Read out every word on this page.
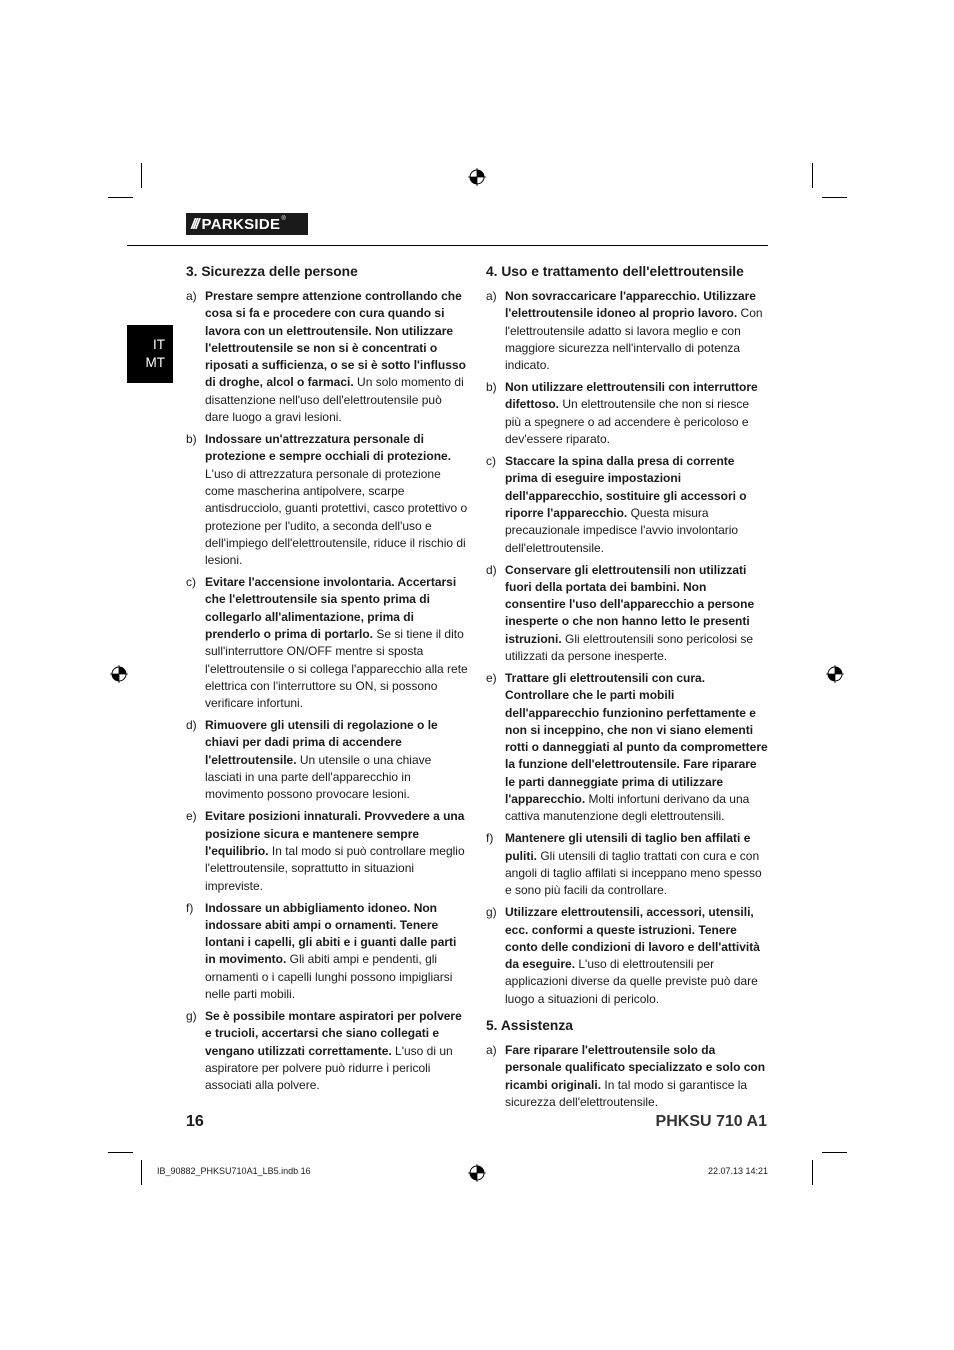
/// PARKSIDE ®
IT
MT
3. Sicurezza delle persone
a) Prestare sempre attenzione controllando che cosa si fa e procedere con cura quando si lavora con un elettroutensile. Non utilizzare l'elettroutensile se non si è concentrati o riposati a sufficienza, o se si è sotto l'influsso di droghe, alcol o farmaci. Un solo momento di disattenzione nell'uso dell'elettroutensile può dare luogo a gravi lesioni.
b) Indossare un'attrezzatura personale di protezione e sempre occhiali di protezione. L'uso di attrezzatura personale di protezione come mascherina antipolvere, scarpe antisdrucciolo, guanti protettivi, casco protettivo o protezione per l'udito, a seconda dell'uso e dell'impiego dell'elettroutensile, riduce il rischio di lesioni.
c) Evitare l'accensione involontaria. Accertarsi che l'elettroutensile sia spento prima di collegarlo all'alimentazione, prima di prenderlo o prima di portarlo. Se si tiene il dito sull'interruttore ON/OFF mentre si sposta l'elettroutensile o si collega l'apparecchio alla rete elettrica con l'interruttore su ON, si possono verificare infortuni.
d) Rimuovere gli utensili di regolazione o le chiavi per dadi prima di accendere l'elettroutensile. Un utensile o una chiave lasciati in una parte dell'apparecchio in movimento possono provocare lesioni.
e) Evitare posizioni innaturali. Provvedere a una posizione sicura e mantenere sempre l'equilibrio. In tal modo si può controllare meglio l'elettroutensile, soprattutto in situazioni impreviste.
f) Indossare un abbigliamento idoneo. Non indossare abiti ampi o ornamenti. Tenere lontani i capelli, gli abiti e i guanti dalle parti in movimento. Gli abiti ampi e pendenti, gli ornamenti o i capelli lunghi possono impigliarsi nelle parti mobili.
g) Se è possibile montare aspiratori per polvere e trucioli, accertarsi che siano collegati e vengano utilizzati correttamente. L'uso di un aspiratore per polvere può ridurre i pericoli associati alla polvere.
4. Uso e trattamento dell'elettroutensile
a) Non sovraccaricare l'apparecchio. Utilizzare l'elettroutensile idoneo al proprio lavoro. Con l'elettroutensile adatto si lavora meglio e con maggiore sicurezza nell'intervallo di potenza indicato.
b) Non utilizzare elettroutensili con interruttore difettoso. Un elettroutensile che non si riesce più a spegnere o ad accendere è pericoloso e dev'essere riparato.
c) Staccare la spina dalla presa di corrente prima di eseguire impostazioni dell'apparecchio, sostituire gli accessori o riporre l'apparecchio. Questa misura precauzionale impedisce l'avvio involontario dell'elettroutensile.
d) Conservare gli elettroutensili non utilizzati fuori della portata dei bambini. Non consentire l'uso dell'apparecchio a persone inesperte o che non hanno letto le presenti istruzioni. Gli elettroutensili sono pericolosi se utilizzati da persone inesperte.
e) Trattare gli elettroutensili con cura. Controllare che le parti mobili dell'apparecchio funzionino perfettamente e non si inceppino, che non vi siano elementi rotti o danneggiati al punto da compromettere la funzione dell'elettroutensile. Fare riparare le parti danneggiate prima di utilizzare l'apparecchio. Molti infortuni derivano da una cattiva manutenzione degli elettroutensili.
f) Mantenere gli utensili di taglio ben affilati e puliti. Gli utensili di taglio trattati con cura e con angoli di taglio affilati si inceppano meno spesso e sono più facili da controllare.
g) Utilizzare elettroutensili, accessori, utensili, ecc. conformi a queste istruzioni. Tenere conto delle condizioni di lavoro e dell'attività da eseguire. L'uso di elettroutensili per applicazioni diverse da quelle previste può dare luogo a situazioni di pericolo.
5. Assistenza
a) Fare riparare l'elettroutensile solo da personale qualificato specializzato e solo con ricambi originali. In tal modo si garantisce la sicurezza dell'elettroutensile.
16	PHKSU 710 A1
IB_90882_PHKSU710A1_LB5.indb 16	22.07.13 14:21
